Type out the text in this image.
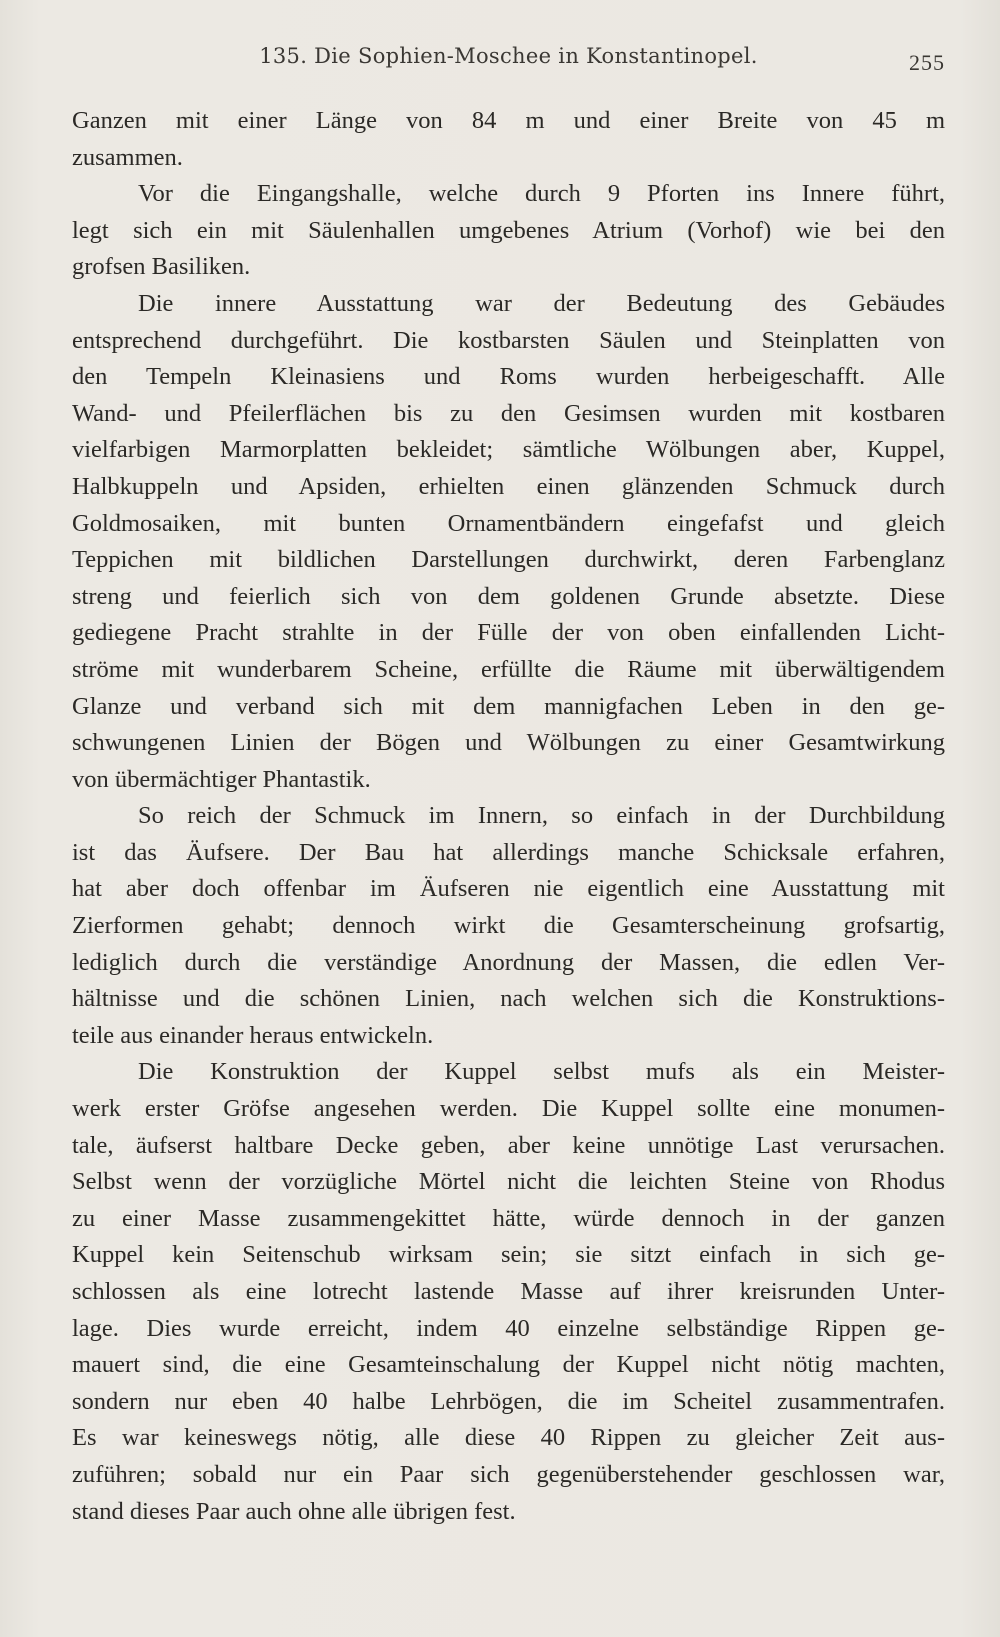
135. Die Sophien-Moschee in Konstantinopel.	255
Ganzen mit einer Länge von 84 m und einer Breite von 45 m
zusammen.
Vor die Eingangshalle, welche durch 9 Pforten ins Innere führt,
legt sich ein mit Säulenhallen umgebenes Atrium (Vorhof) wie bei den
grofsen Basiliken.
Die innere Ausstattung war der Bedeutung des Gebäudes
entsprechend durchgeführt. Die kostbarsten Säulen und Steinplatten von
den Tempeln Kleinasiens und Roms wurden herbeigeschafft. Alle
Wand- und Pfeilerflächen bis zu den Gesimsen wurden mit kostbaren
vielfarbigen Marmorplatten bekleidet; sämtliche Wölbungen aber, Kuppel,
Halbkuppeln und Apsiden, erhielten einen glänzenden Schmuck durch
Goldmosaiken, mit bunten Ornamentbändern eingefafst und gleich
Teppichen mit bildlichen Darstellungen durchwirkt, deren Farbenglanz
streng und feierlich sich von dem goldenen Grunde absetzte. Diese
gediegene Pracht strahlte in der Fülle der von oben einfallenden Licht-
ströme mit wunderbarem Scheine, erfüllte die Räume mit überwältigendem
Glanze und verband sich mit dem mannigfachen Leben in den ge-
schwungenen Linien der Bögen und Wölbungen zu einer Gesamtwirkung
von übermächtiger Phantastik.
So reich der Schmuck im Innern, so einfach in der Durchbildung
ist das Äufsere. Der Bau hat allerdings manche Schicksale erfahren,
hat aber doch offenbar im Äufseren nie eigentlich eine Ausstattung mit
Zierformen gehabt; dennoch wirkt die Gesamterscheinung grofsartig,
lediglich durch die verständige Anordnung der Massen, die edlen Ver-
hältnisse und die schönen Linien, nach welchen sich die Konstruktions-
teile aus einander heraus entwickeln.
Die Konstruktion der Kuppel selbst mufs als ein Meister-
werk erster Gröfse angesehen werden. Die Kuppel sollte eine monumen-
tale, äufserst haltbare Decke geben, aber keine unnötige Last verursachen.
Selbst wenn der vorzügliche Mörtel nicht die leichten Steine von Rhodus
zu einer Masse zusammengekittet hätte, würde dennoch in der ganzen
Kuppel kein Seitenschub wirksam sein; sie sitzt einfach in sich ge-
schlossen als eine lotrecht lastende Masse auf ihrer kreisrunden Unter-
lage. Dies wurde erreicht, indem 40 einzelne selbständige Rippen ge-
mauert sind, die eine Gesamteinschalung der Kuppel nicht nötig machten,
sondern nur eben 40 halbe Lehrbögen, die im Scheitel zusammentrafen.
Es war keineswegs nötig, alle diese 40 Rippen zu gleicher Zeit aus-
zuführen; sobald nur ein Paar sich gegenüberstehender geschlossen war,
stand dieses Paar auch ohne alle übrigen fest.
